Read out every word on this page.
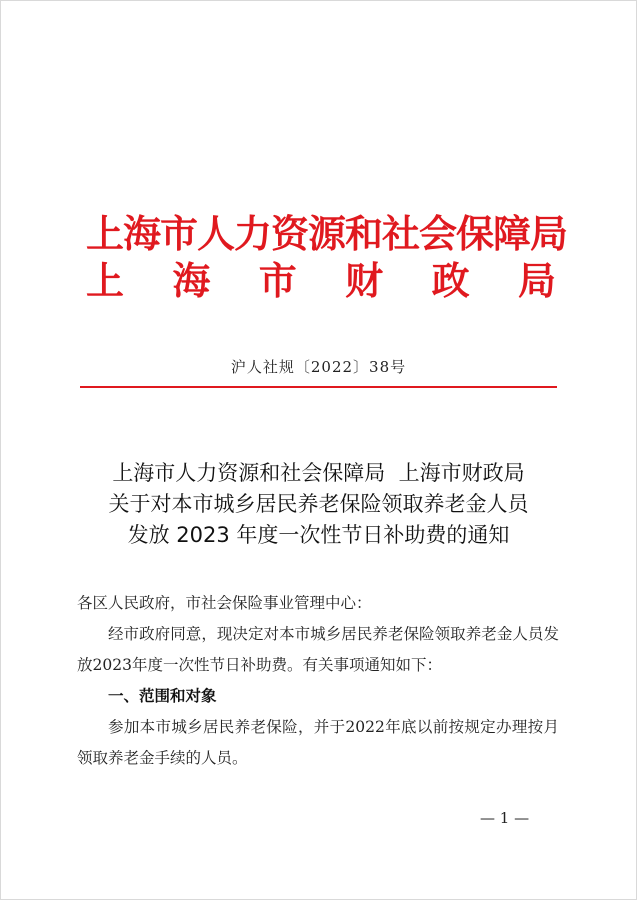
上海市人力资源和社会保障局
上 海 市 财 政 局
沪人社规〔2022〕38号
上海市人力资源和社会保障局  上海市财政局
关于对本市城乡居民养老保险领取养老金人员
发放 2023 年度一次性节日补助费的通知
各区人民政府，市社会保险事业管理中心：
经市政府同意，现决定对本市城乡居民养老保险领取养老金人员发放2023年度一次性节日补助费。有关事项通知如下：
一、范围和对象
参加本市城乡居民养老保险，并于2022年底以前按规定办理按月领取养老金手续的人员。
— 1 —
